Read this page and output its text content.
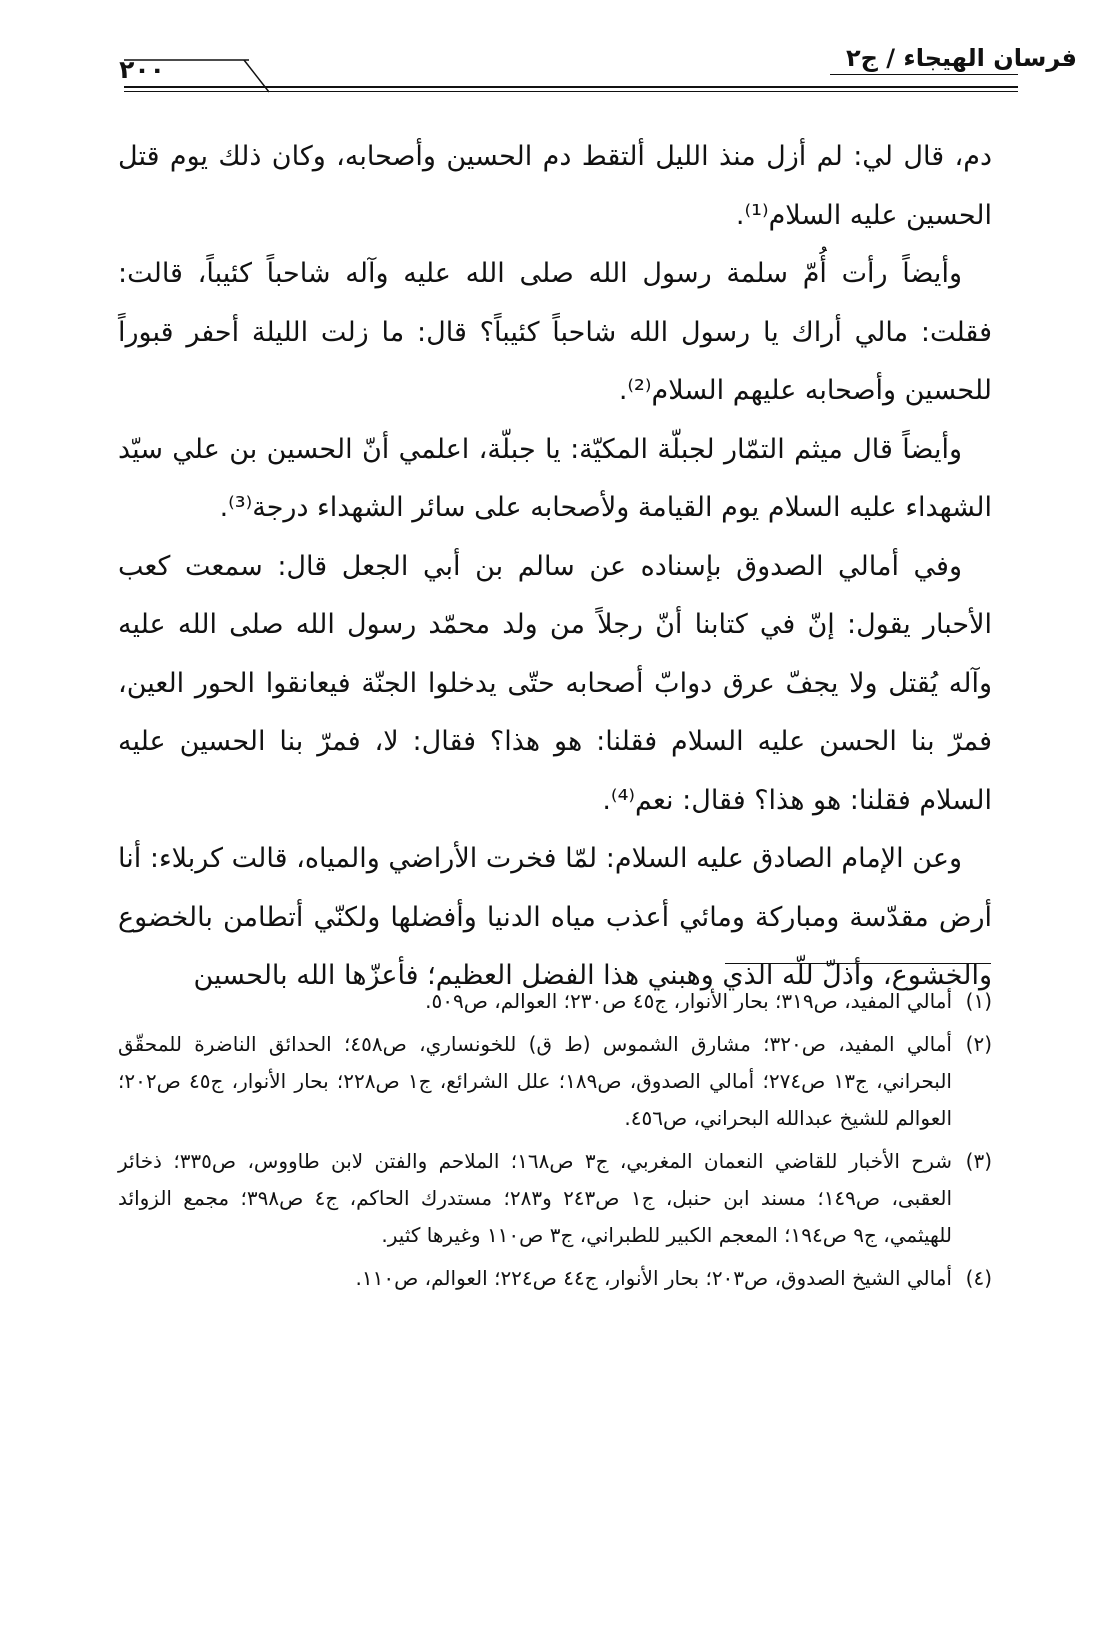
فرسان الهيجاء / ج٢
٢٠٠

دم، قال لي: لم أزل منذ الليل ألتقط دم الحسين وأصحابه، وكان ذلك يوم قتل الحسين عليه السلام⁽¹⁾.

وأيضاً رأت أُمّ سلمة رسول الله صلى الله عليه وآله شاحباً كئيباً، قالت: فقلت: مالي أراك يا رسول الله شاحباً كئيباً؟ قال: ما زلت الليلة أحفر قبوراً للحسين وأصحابه عليهم السلام⁽²⁾.

وأيضاً قال ميثم التمّار لجبلّة المكيّة: يا جبلّة، اعلمي أنّ الحسين بن علي سيّد الشهداء عليه السلام يوم القيامة ولأصحابه على سائر الشهداء درجة⁽³⁾.

وفي أمالي الصدوق بإسناده عن سالم بن أبي الجعل قال: سمعت كعب الأحبار يقول: إنّ في كتابنا أنّ رجلاً من ولد محمّد رسول الله صلى الله عليه وآله يُقتل ولا يجفّ عرق دوابّ أصحابه حتّى يدخلوا الجنّة فيعانقوا الحور العين، فمرّ بنا الحسن عليه السلام فقلنا: هو هذا؟ فقال: لا، فمرّ بنا الحسين عليه السلام فقلنا: هو هذا؟ فقال: نعم⁽⁴⁾.

وعن الإمام الصادق عليه السلام: لمّا فخرت الأراضي والمياه، قالت كربلاء: أنا أرض مقدّسة ومباركة ومائي أعذب مياه الدنيا وأفضلها ولكنّي أتطامن بالخضوع والخشوع، وأذلّ للّه الذي وهبني هذا الفضل العظيم؛ فأعزّها الله بالحسين

(١)
أمالي المفيد، ص٣١٩؛ بحار الأنوار، ج٤٥ ص٢٣٠؛ العوالم، ص٥٠٩.
(٢)
أمالي المفيد، ص٣٢٠؛ مشارق الشموس (ط ق) للخونساري، ص٤٥٨؛ الحدائق الناضرة للمحقّق البحراني، ج١٣ ص٢٧٤؛ أمالي الصدوق، ص١٨٩؛ علل الشرائع، ج١ ص٢٢٨؛ بحار الأنوار، ج٤٥ ص٢٠٢؛ العوالم للشيخ عبدالله البحراني، ص٤٥٦.
(٣)
شرح الأخبار للقاضي النعمان المغربي، ج٣ ص١٦٨؛ الملاحم والفتن لابن طاووس، ص٣٣٥؛ ذخائر العقبى، ص١٤٩؛ مسند ابن حنبل، ج١ ص٢٤٣ و٢٨٣؛ مستدرك الحاكم، ج٤ ص٣٩٨؛ مجمع الزوائد للهيثمي، ج٩ ص١٩٤؛ المعجم الكبير للطبراني، ج٣ ص١١٠ وغيرها كثير.
(٤)
أمالي الشيخ الصدوق، ص٢٠٣؛ بحار الأنوار، ج٤٤ ص٢٢٤؛ العوالم، ص١١٠.
